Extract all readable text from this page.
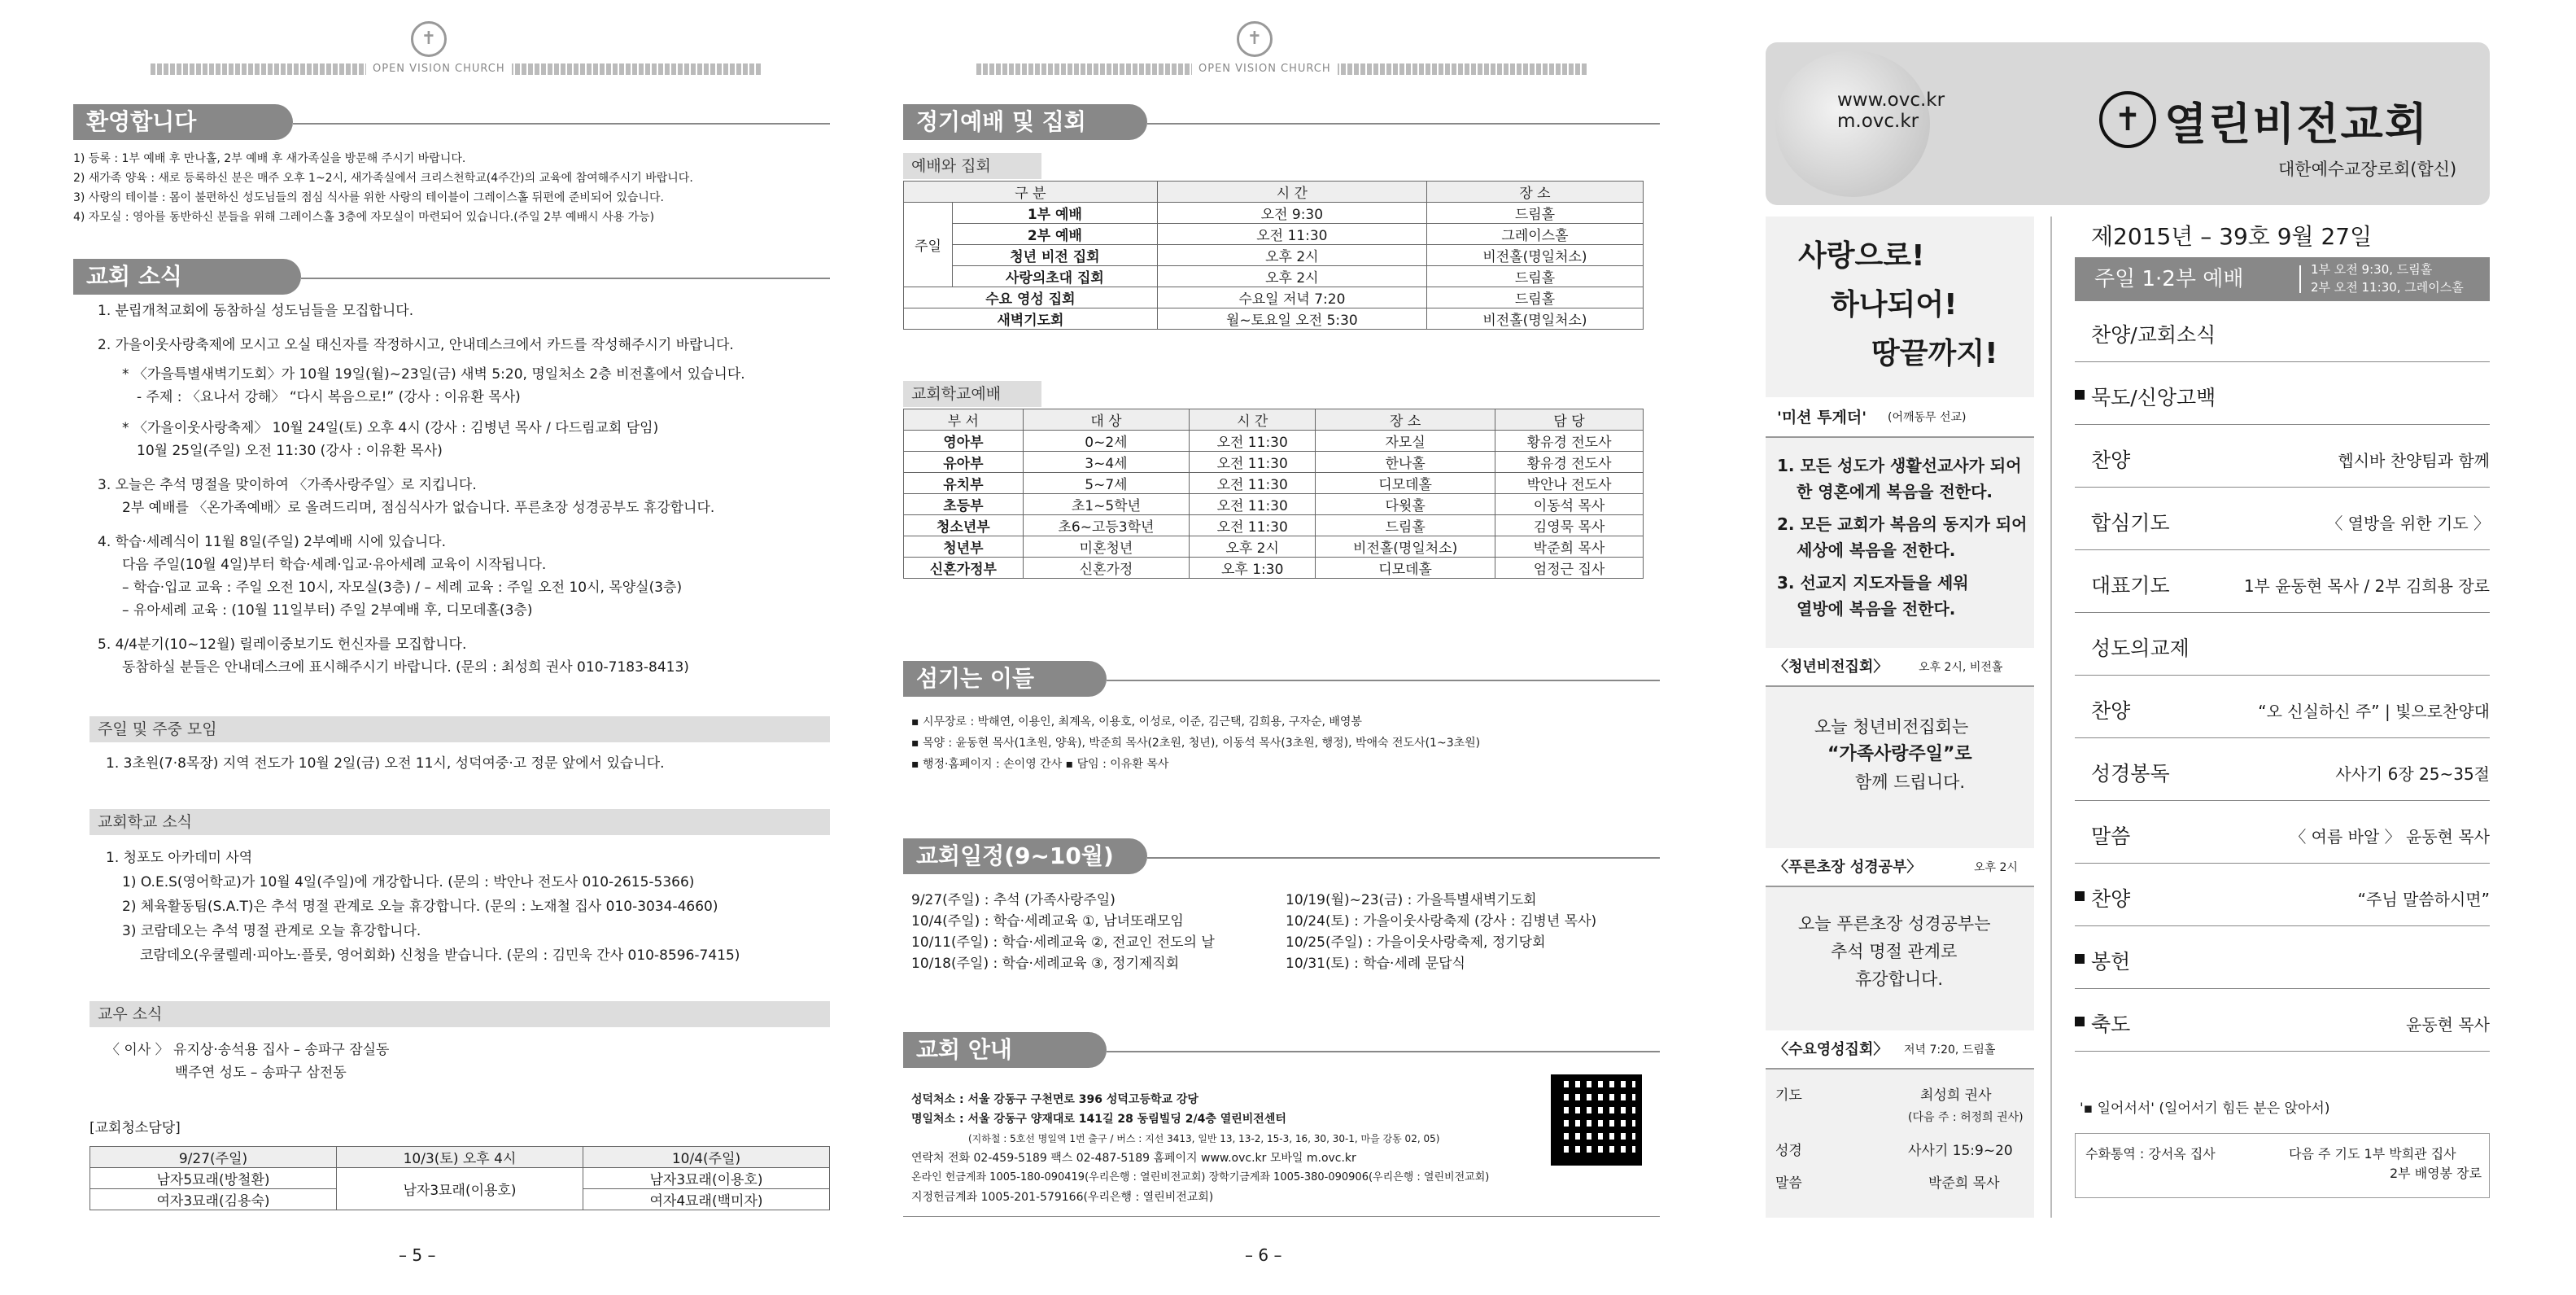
✝
OPEN VISION CHURCH
환영합니다
1) 등록 : 1부 예배 후 만나홀, 2부 예배 후 새가족실을 방문해 주시기 바랍니다.
2) 새가족 양육 : 새로 등록하신 분은 매주 오후 1~2시, 새가족실에서 크리스천학교(4주간)의 교육에 참여해주시기 바랍니다.
3) 사랑의 테이블 : 몸이 불편하신 성도님들의 점심 식사를 위한 사랑의 테이블이 그레이스홀 뒤편에 준비되어 있습니다.
4) 자모실 : 영아를 동반하신 분들을 위해 그레이스홀 3층에 자모실이 마련되어 있습니다.(주일 2부 예배시 사용 가능)
교회 소식
1. 분립개척교회에 동참하실 성도님들을 모집합니다.
2. 가을이웃사랑축제에 모시고 오실 태신자를 작정하시고, 안내데스크에서 카드를 작성해주시기 바랍니다.
* 〈가을특별새벽기도회〉가 10월 19일(월)~23일(금) 새벽 5:20, 명일처소 2층 비전홀에서 있습니다.
- 주제 : 〈요나서 강해〉 “다시 복음으로!” (강사 : 이유환 목사)
* 〈가을이웃사랑축제〉 10월 24일(토) 오후 4시 (강사 : 김병년 목사 / 다드림교회 담임)
10월 25일(주일) 오전 11:30 (강사 : 이유환 목사)
3. 오늘은 추석 명절을 맞이하여 〈가족사랑주일〉로 지킵니다.
2부 예배를 〈온가족예배〉로 올려드리며, 점심식사가 없습니다. 푸른초장 성경공부도 휴강합니다.
4. 학습·세례식이 11월 8일(주일) 2부예배 시에 있습니다.
다음 주일(10월 4일)부터 학습·세례·입교·유아세례 교육이 시작됩니다.
– 학습·입교 교육 : 주일 오전 10시, 자모실(3층) / – 세례 교육 : 주일 오전 10시, 목양실(3층)
– 유아세례 교육 : (10월 11일부터) 주일 2부예배 후, 디모데홀(3층)
5. 4/4분기(10~12월) 릴레이중보기도 헌신자를 모집합니다.
동참하실 분들은 안내데스크에 표시해주시기 바랍니다. (문의 : 최성희 권사 010-7183-8413)
주일 및 주중 모임
1. 3초원(7·8목장) 지역 전도가 10월 2일(금) 오전 11시, 성덕여중·고 정문 앞에서 있습니다.
교회학교 소식
1. 청포도 아카데미 사역
1) O.E.S(영어학교)가 10월 4일(주일)에 개강합니다. (문의 : 박안나 전도사 010-2615-5366)
2) 체육활동팀(S.A.T)은 추석 명절 관계로 오늘 휴강합니다. (문의 : 노재철 집사 010-3034-4660)
3) 코람데오는 추석 명절 관계로 오늘 휴강합니다.
코람데오(우쿨렐레·피아노·플룻, 영어회화) 신청을 받습니다. (문의 : 김민욱 간사 010-8596-7415)
교우 소식
〈 이사 〉 유지상·송석용 집사 – 송파구 잠실동
백주연 성도 – 송파구 삼전동
[교회청소담당]
9/27(주일)	10/3(토) 오후 4시	10/4(주일)
남자5묘래(방철환)	남자3묘래(이용호)	남자3묘래(이용호)
여자3묘래(김용숙)		여자4묘래(백미자)
– 5 –
✝
OPEN VISION CHURCH
정기예배 및 집회
예배와 집회
구 분		시 간	장 소
주일	1부 예배	오전 9:30	드림홀
	2부 예배	오전 11:30	그레이스홀
	청년 비전 집회	오후 2시	비전홀(명일처소)
	사랑의초대 집회	오후 2시	드림홀
수요 영성 집회		수요일 저녁 7:20	드림홀
새벽기도회		월~토요일 오전 5:30	비전홀(명일처소)
교회학교예배
부 서	대 상	시 간	장 소	담 당
영아부	0~2세	오전 11:30	자모실	황유경 전도사
유아부	3~4세	오전 11:30	한나홀	황유경 전도사
유치부	5~7세	오전 11:30	디모데홀	박안나 전도사
초등부	초1~5학년	오전 11:30	다윗홀	이동석 목사
청소년부	초6~고등3학년	오전 11:30	드림홀	김영묵 목사
청년부	미혼청년	오후 2시	비전홀(명일처소)	박준희 목사
신혼가정부	신혼가정	오후 1:30	디모데홀	엄정근 집사
섬기는 이들
▪ 시무장로 : 박해연, 이용인, 최계옥, 이용호, 이성로, 이준, 김근택, 김희용, 구자순, 배영봉
▪ 목양 : 윤동현 목사(1초원, 양육), 박준희 목사(2초원, 청년), 이동석 목사(3초원, 행정), 박애숙 전도사(1~3초원)
▪ 행정·홈페이지 : 손이영 간사 ▪ 담임 : 이유환 목사
교회일정(9~10월)
9/27(주일) : 추석 (가족사랑주일)
10/4(주일) : 학습·세례교육 ①, 남녀또래모임
10/11(주일) : 학습·세례교육 ②, 전교인 전도의 날
10/18(주일) : 학습·세례교육 ③, 정기제직회
10/19(월)~23(금) : 가을특별새벽기도회
10/24(토) : 가을이웃사랑축제 (강사 : 김병년 목사)
10/25(주일) : 가을이웃사랑축제, 정기당회
10/31(토) : 학습·세례 문답식
교회 안내
성덕처소 : 서울 강동구 구천면로 396 성덕고등학교 강당
명일처소 : 서울 강동구 양재대로 141길 28 동림빌딩 2/4층 열린비전센터
(지하철 : 5호선 명일역 1번 출구 / 버스 : 지선 3413, 일반 13, 13-2, 15-3, 16, 30, 30-1, 마을 강동 02, 05)
연락처 전화 02-459-5189 팩스 02-487-5189 홈페이지 www.ovc.kr 모바일 m.ovc.kr
온라인 헌금계좌 1005-180-090419(우리은행 : 열린비전교회) 장학기금계좌 1005-380-090906(우리은행 : 열린비전교회)
지정헌금계좌 1005-201-579166(우리은행 : 열린비전교회)
– 6 –
www.ovc.kr
m.ovc.kr	✝ 열린비전교회
대한예수교장로회(합신)
사랑으로!
하나되어!
땅끝까지!
'미션 투게더' (어깨동무 선교)
1. 모든 성도가 생활선교사가 되어
한 영혼에게 복음을 전한다.
2. 모든 교회가 복음의 동지가 되어
세상에 복음을 전한다.
3. 선교지 지도자들을 세워
열방에 복음을 전한다.
〈청년비전집회〉	오후 2시, 비전홀
오늘 청년비전집회는
“가족사랑주일”로
함께 드립니다.
〈푸른초장 성경공부〉	오후 2시
오늘 푸른초장 성경공부는
추석 명절 관계로
휴강합니다.
〈수요영성집회〉 저녁 7:20, 드림홀
기도	최성희 권사
(다음 주 : 허정희 권사)
성경	사사기 15:9~20
말씀	박준희 목사
제2015년 – 39호 9월 27일
주일 1·2부 예배	1부 오전 9:30, 드림홀
2부 오전 11:30, 그레이스홀
찬양/교회소식
묵도/신앙고백
찬양	헵시바 찬양팀과 함께
합심기도	〈 열방을 위한 기도 〉
대표기도	1부 윤동현 목사 / 2부 김희용 장로
성도의교제
찬양	“오 신실하신 주” | 빛으로찬양대
성경봉독	사사기 6장 25~35절
말씀	〈 여름 바알 〉 윤동현 목사
찬양	“주님 말씀하시면”
봉헌
축도	윤동현 목사
'▪ 일어서서' (일어서기 힘든 분은 앉아서)
수화통역 : 강서옥 집사	다음 주 기도 1부 박희관 집사
2부 배영봉 장로
